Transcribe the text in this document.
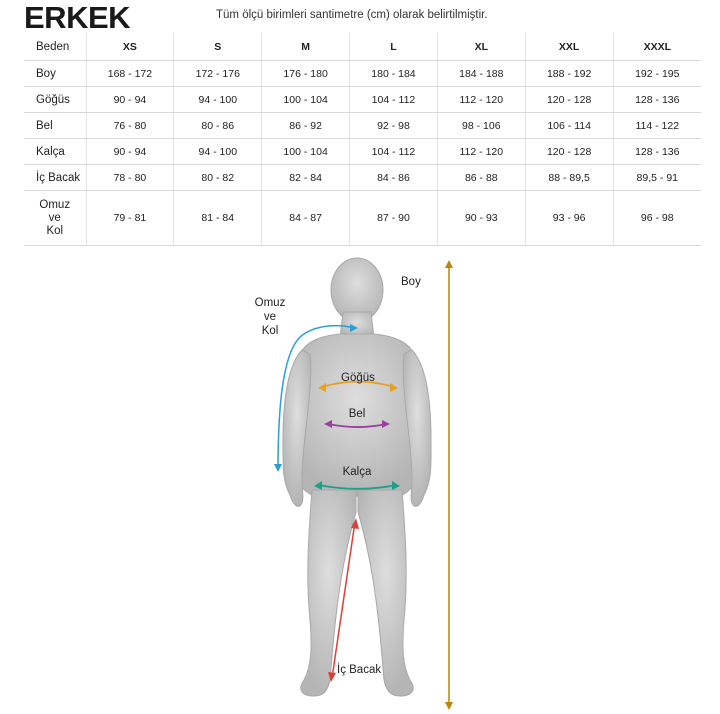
ERKEK	Tüm ölçü birimleri santimetre (cm) olarak belirtilmiştir.
Beden	XS	S	M	L	XL	XXL	XXXL
Boy	168 - 172	172 - 176	176 - 180	180 - 184	184 - 188	188 - 192	192 - 195
Göğüs	90 - 94	94 - 100	100 - 104	104 - 112	112 - 120	120 - 128	128 - 136
Bel	76 - 80	80 - 86	86 - 92	92 - 98	98 - 106	106 - 114	114 - 122
Kalça	90 - 94	94 - 100	100 - 104	104 - 112	112 - 120	120 - 128	128 - 136
İç Bacak	78 - 80	80 - 82	82 - 84	84 - 86	86 - 88	88 - 89,5	89,5 - 91

Omuz
ve
Kol	79 - 81	81 - 84	84 - 87	87 - 90	90 - 93	93 - 96	96 - 98
Boy
Omuz
ve
Kol
Göğüs
Bel
Kalça
İç Bacak
